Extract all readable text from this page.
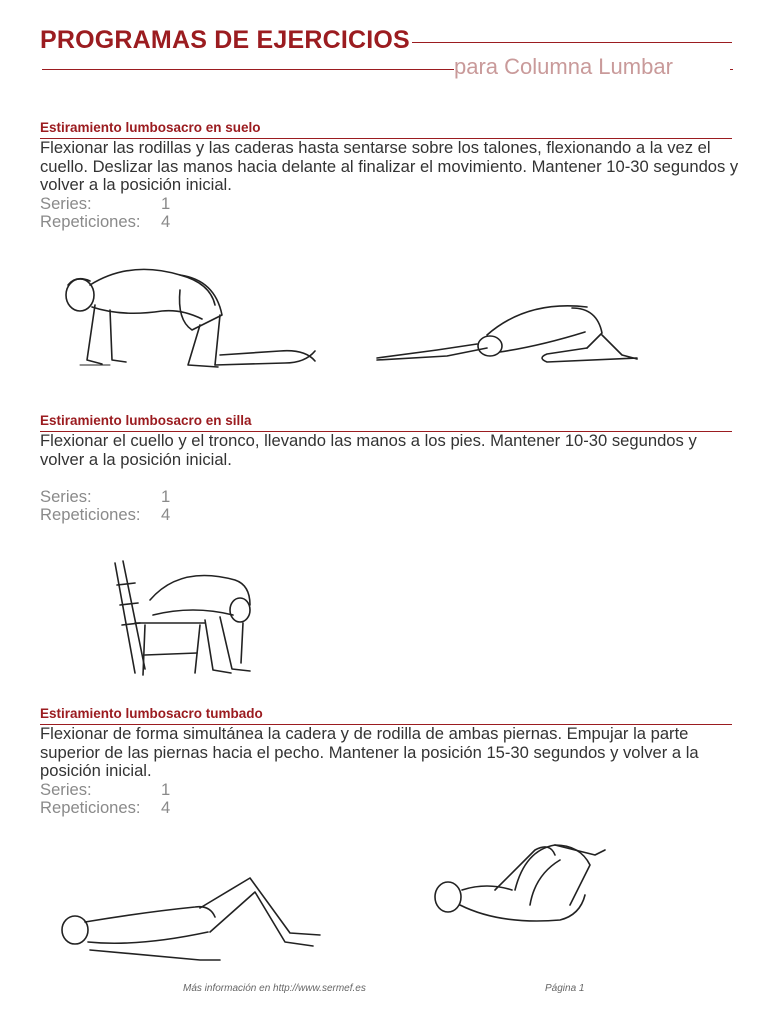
PROGRAMAS DE EJERCICIOS
para Columna Lumbar
Estiramiento lumbosacro en suelo
Flexionar las rodillas y las caderas hasta sentarse sobre los talones, flexionando a la vez el cuello. Deslizar las manos hacia delante al finalizar el movimiento. Mantener 10-30 segundos y volver a la posición inicial.
Series:	1
Repeticiones: 4
Estiramiento lumbosacro en silla
Flexionar el cuello y el tronco, llevando las manos a los pies. Mantener 10-30 segundos y volver a la posición inicial.
Series:	1
Repeticiones: 4
Estiramiento lumbosacro tumbado
Flexionar de forma simultánea la cadera y de rodilla de ambas piernas. Empujar la parte superior de las piernas hacia el pecho. Mantener la posición 15-30 segundos y volver a la posición inicial.
Series:	1
Repeticiones: 4
Más información en http://www.sermef.es	Página 1
